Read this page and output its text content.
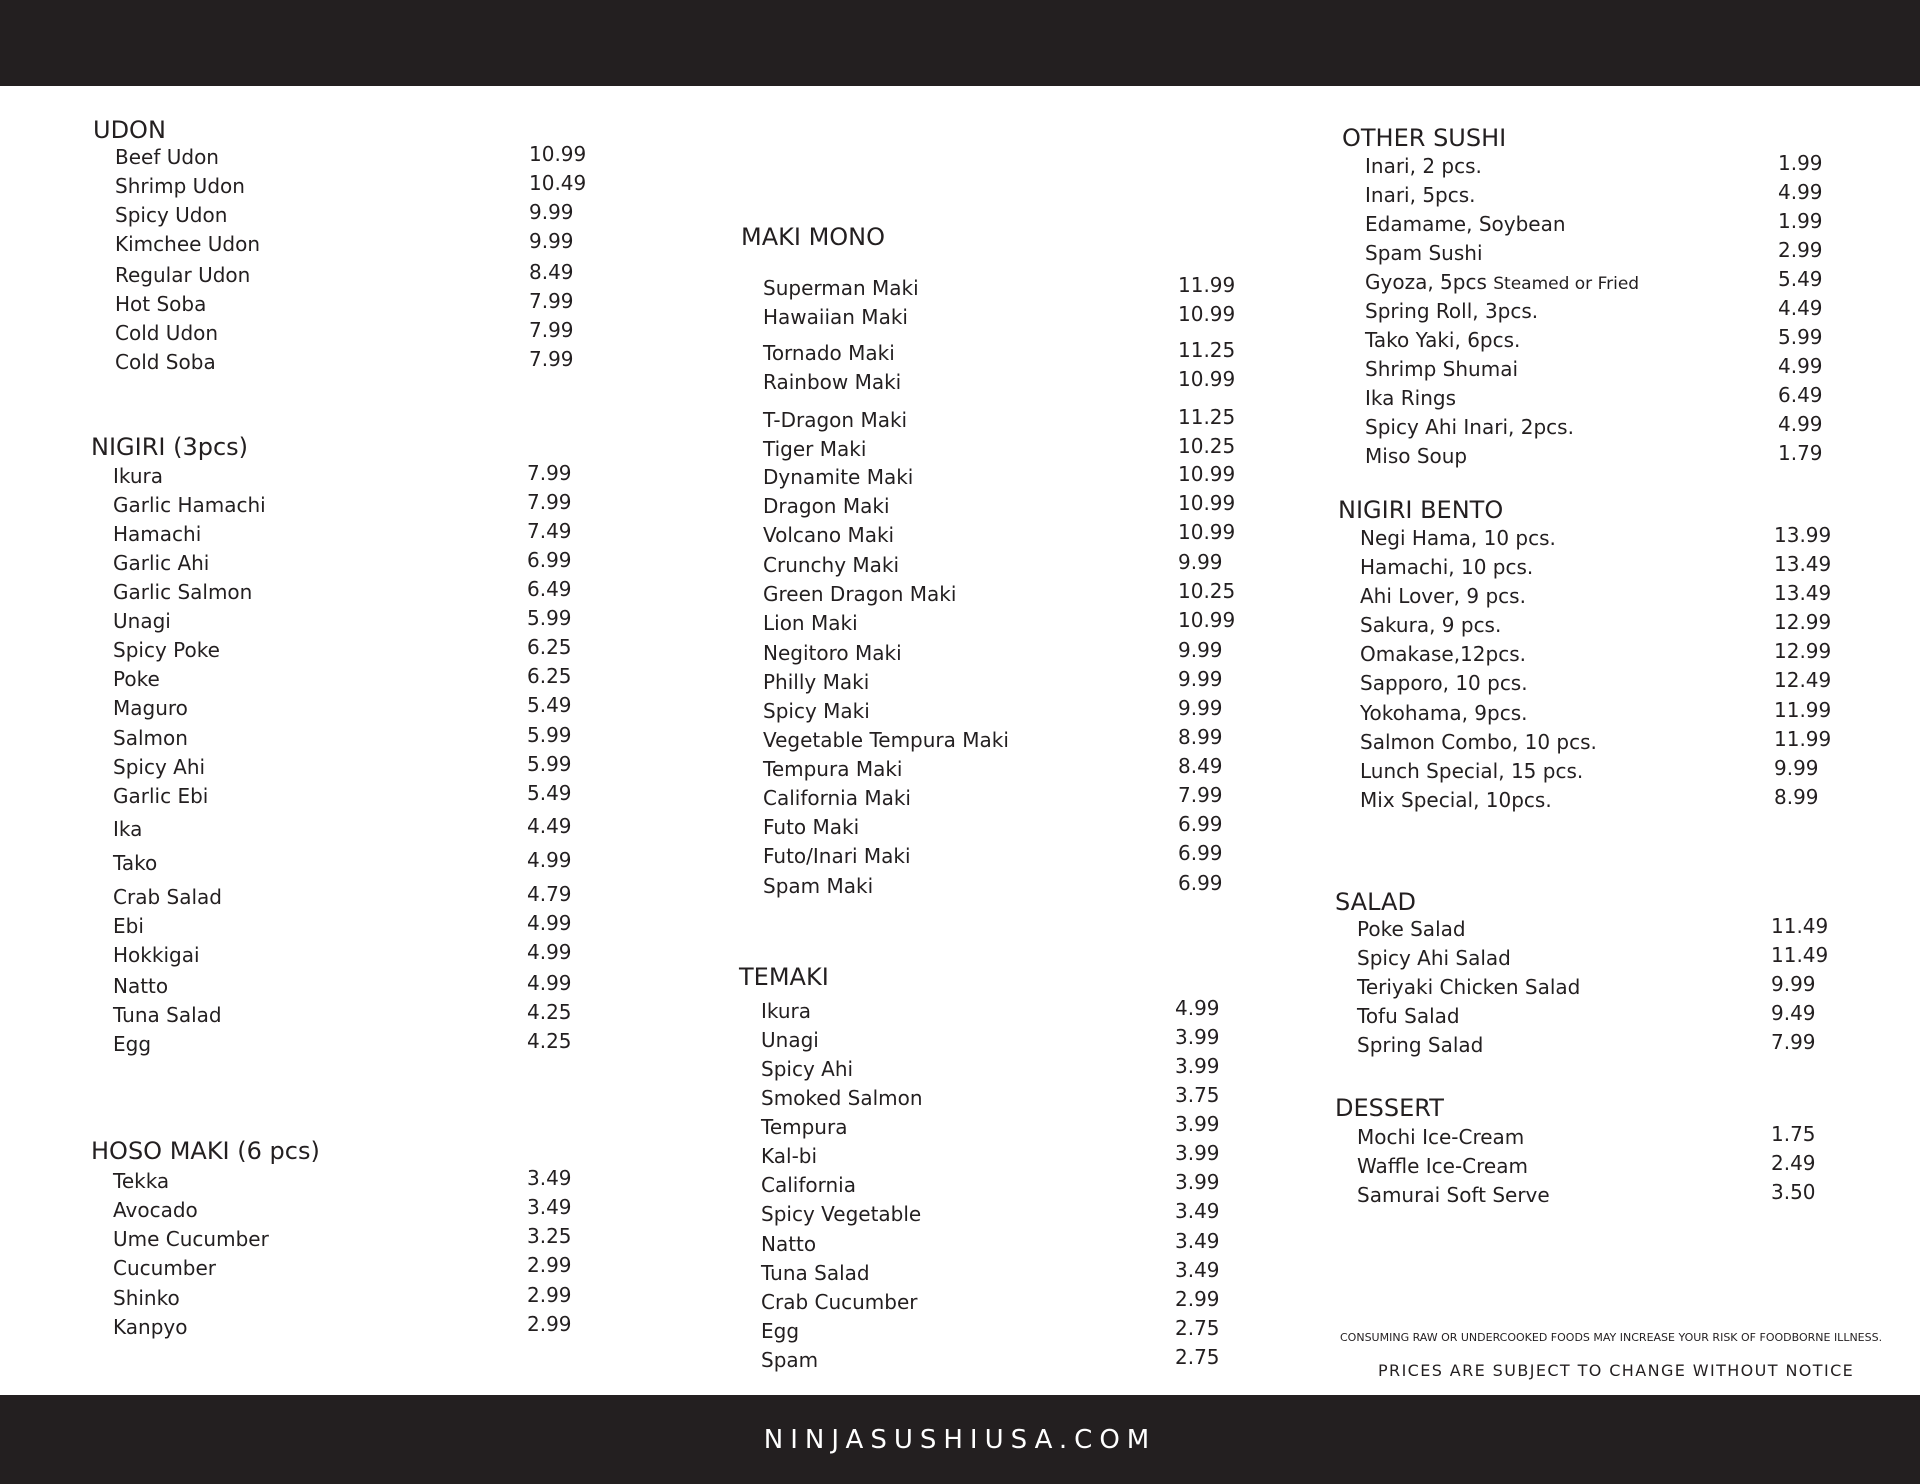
UDON
Beef Udon	10.99
Shrimp Udon	10.49
Spicy Udon	9.99
Kimchee Udon	9.99
Regular Udon	8.49
Hot Soba	7.99
Cold Udon	7.99
Cold Soba	7.99
NIGIRI (3pcs)
Ikura	7.99
Garlic Hamachi	7.99
Hamachi	7.49
Garlic Ahi	6.99
Garlic Salmon	6.49
Unagi	5.99
Spicy Poke	6.25
Poke	6.25
Maguro	5.49
Salmon	5.99
Spicy Ahi	5.99
Garlic Ebi	5.49
Ika	4.49
Tako	4.99
Crab Salad	4.79
Ebi	4.99
Hokkigai	4.99
Natto	4.99
Tuna Salad	4.25
Egg	4.25
HOSO MAKI (6 pcs)
Tekka	3.49
Avocado	3.49
Ume Cucumber	3.25
Cucumber	2.99
Shinko	2.99
Kanpyo	2.99
MAKI MONO
Superman Maki	11.99
Hawaiian Maki	10.99
Tornado Maki	11.25
Rainbow Maki	10.99
T-Dragon Maki	11.25
Tiger Maki	10.25
Dynamite Maki	10.99
Dragon Maki	10.99
Volcano Maki	10.99
Crunchy Maki	9.99
Green Dragon Maki	10.25
Lion Maki	10.99
Negitoro Maki	9.99
Philly Maki	9.99
Spicy Maki	9.99
Vegetable Tempura Maki	8.99
Tempura Maki	8.49
California Maki	7.99
Futo Maki	6.99
Futo/Inari Maki	6.99
Spam Maki	6.99
TEMAKI
Ikura	4.99
Unagi	3.99
Spicy Ahi	3.99
Smoked Salmon	3.75
Tempura	3.99
Kal-bi	3.99
California	3.99
Spicy Vegetable	3.49
Natto	3.49
Tuna Salad	3.49
Crab Cucumber	2.99
Egg	2.75
Spam	2.75
OTHER SUSHI
Inari, 2 pcs.	1.99
Inari, 5pcs.	4.99
Edamame, Soybean	1.99
Spam Sushi	2.99
Gyoza, 5pcs Steamed or Fried	5.49
Spring Roll, 3pcs.	4.49
Tako Yaki, 6pcs.	5.99
Shrimp Shumai	4.99
Ika Rings	6.49
Spicy Ahi Inari, 2pcs.	4.99
Miso Soup	1.79
NIGIRI BENTO
Negi Hama, 10 pcs.	13.99
Hamachi, 10 pcs.	13.49
Ahi Lover, 9 pcs.	13.49
Sakura, 9 pcs.	12.99
Omakase,12pcs.	12.99
Sapporo, 10 pcs.	12.49
Yokohama, 9pcs.	11.99
Salmon Combo, 10 pcs.	11.99
Lunch Special, 15 pcs.	9.99
Mix Special, 10pcs.	8.99
SALAD
Poke Salad	11.49
Spicy Ahi Salad	11.49
Teriyaki Chicken Salad	9.99
Tofu Salad	9.49
Spring Salad	7.99
DESSERT
Mochi Ice-Cream	1.75
Waffle Ice-Cream	2.49
Samurai Soft Serve	3.50
CONSUMING RAW OR UNDERCOOKED FOODS MAY INCREASE YOUR RISK OF FOODBORNE ILLNESS.
PRICES ARE SUBJECT TO CHANGE WITHOUT NOTICE
NINJASUSHIUSA.COM
